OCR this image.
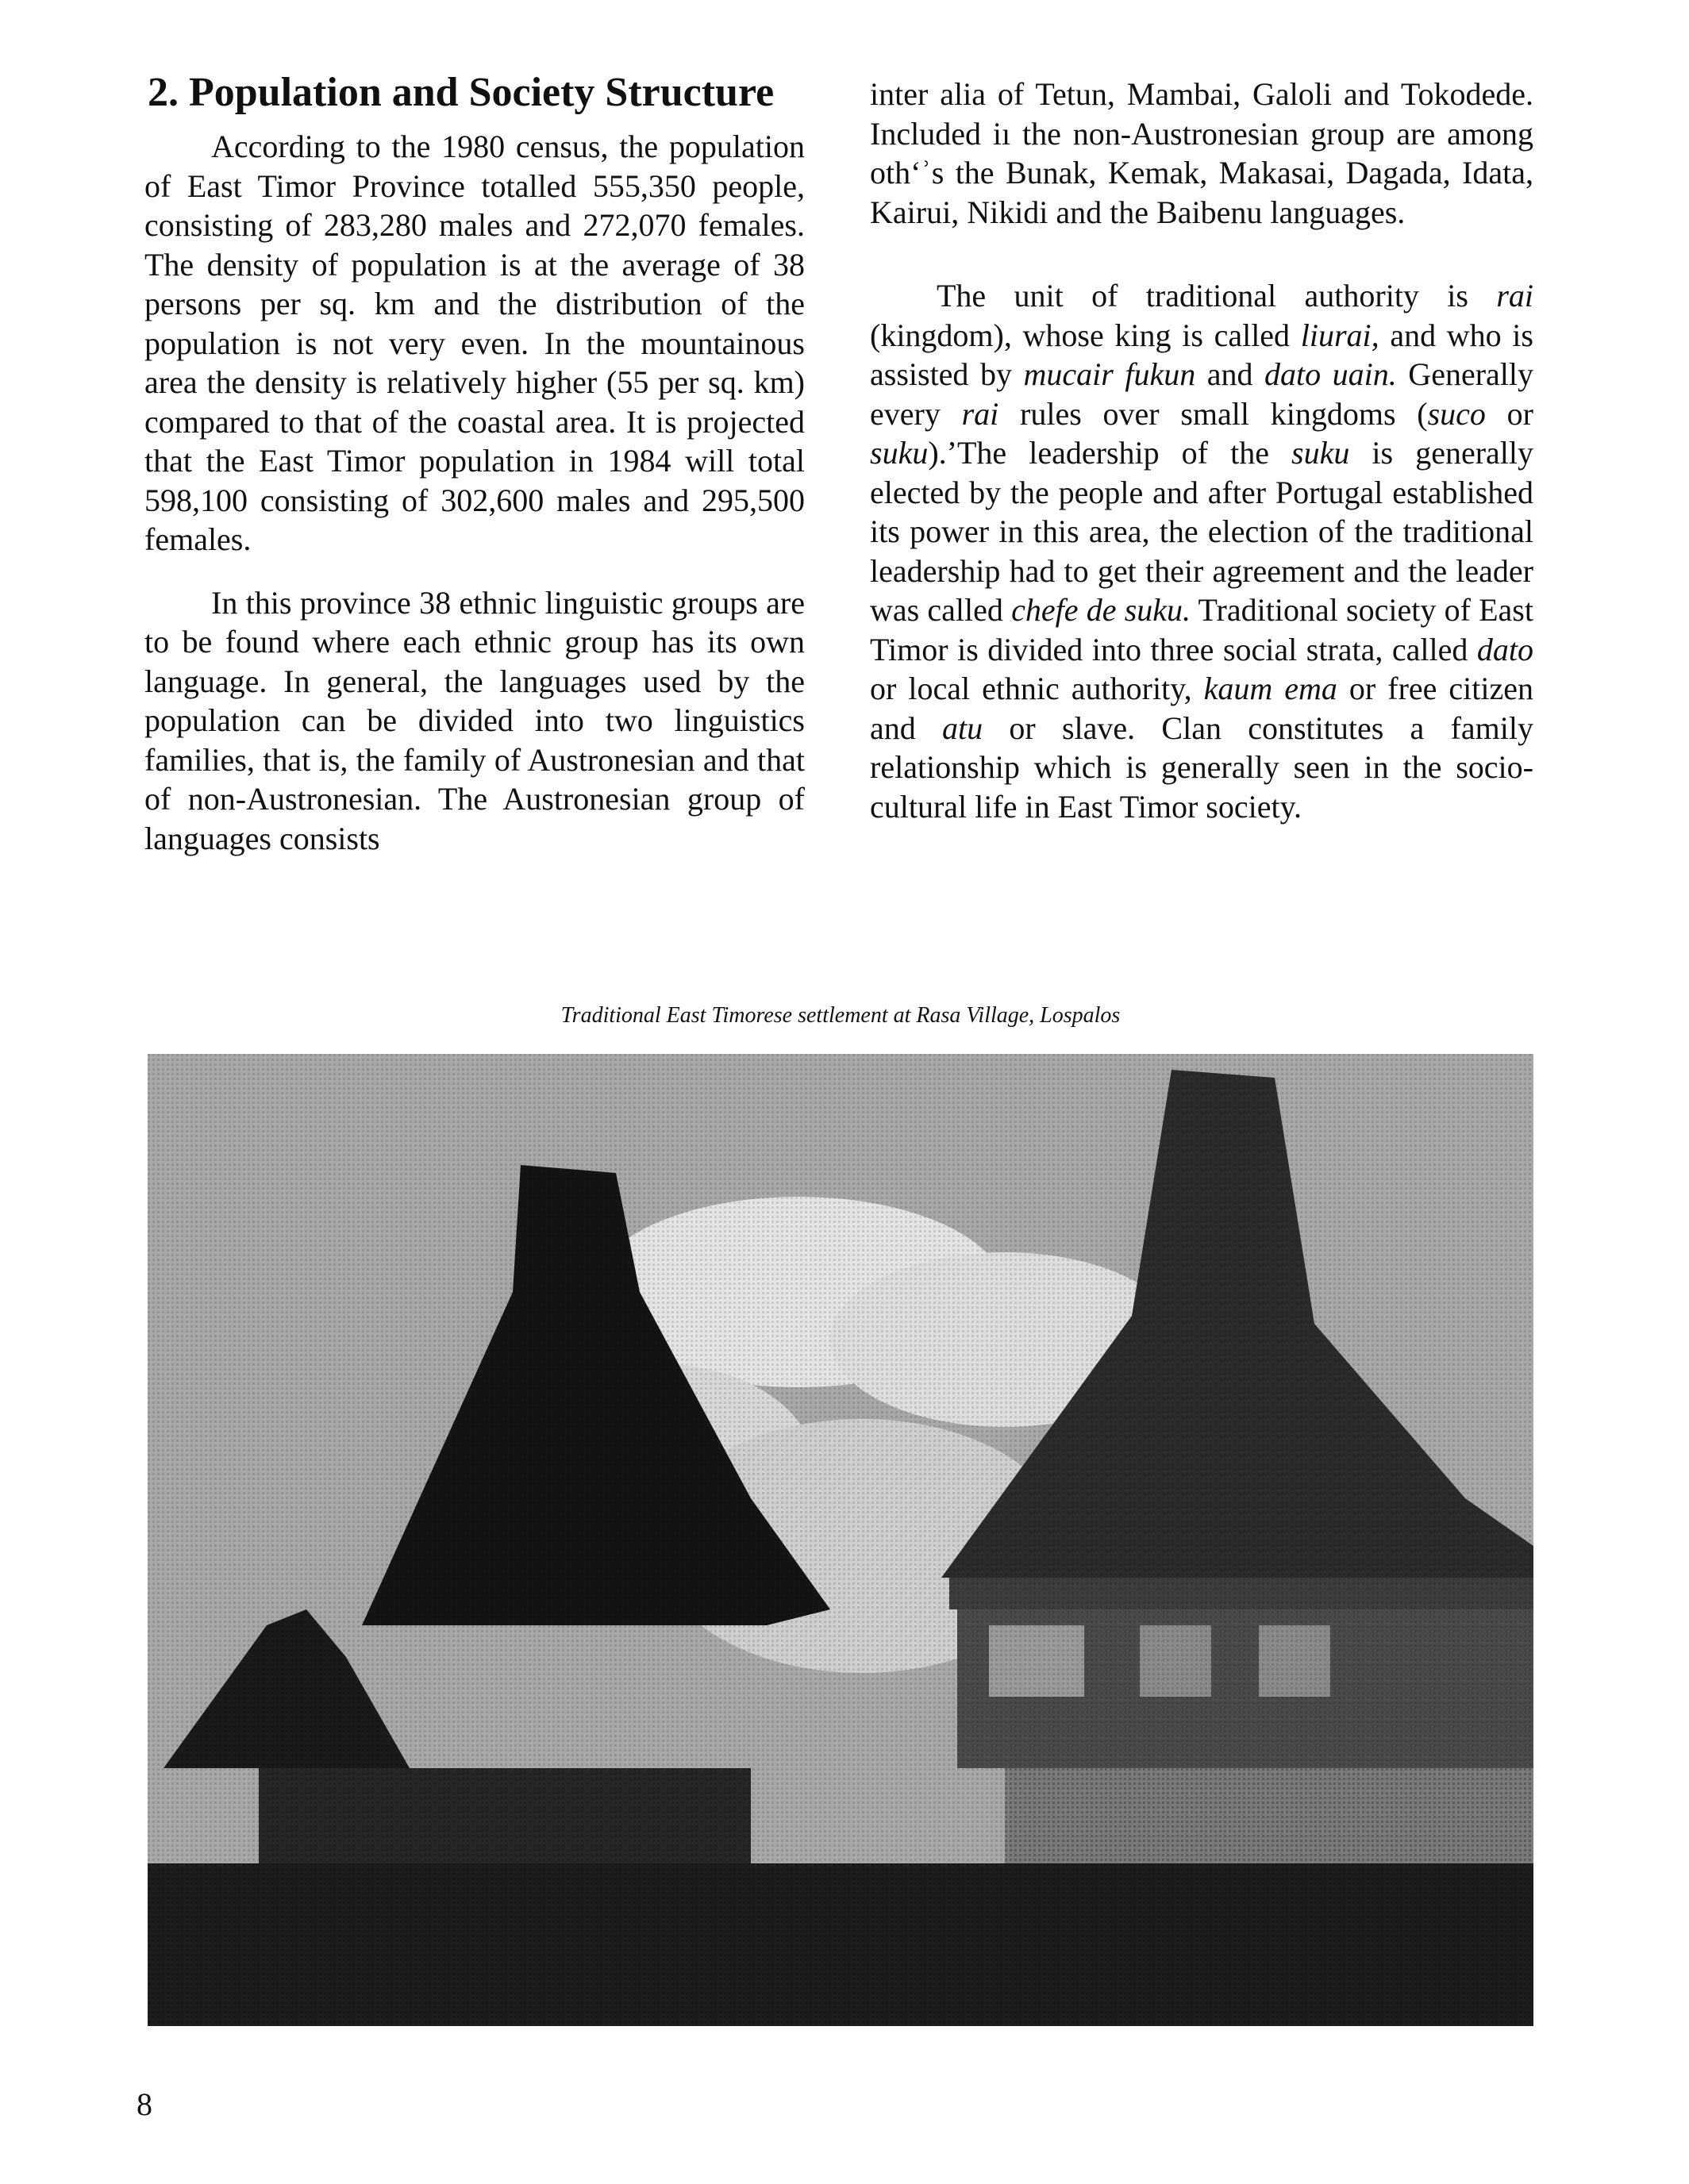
2. Population and Society Structure

According to the 1980 census, the population of East Timor Province totalled 555,350 people, consisting of 283,280 males and 272,070 females. The density of population is at the average of 38 persons per sq. km and the distribution of the population is not very even. In the mountainous area the density is relatively higher (55 per sq. km) compared to that of the coastal area. It is projected that the East Timor population in 1984 will total 598,100 consisting of 302,600 males and 295,500 females.

In this province 38 ethnic linguistic groups are to be found where each ethnic group has its own language. In general, the languages used by the population can be divided into two linguistics families, that is, the family of Austronesian and that of non-Austronesian. The Austronesian group of languages consists

inter alia of Tetun, Mambai, Galoli and Tokodede. Included iı the non-Austronesian group are among othʻʾs the Bunak, Kemak, Makasai, Dagada, Idata, Kairui, Nikidi and the Baibenu languages.

The unit of traditional authority is rai (kingdom), whose king is called liurai, and who is assisted by mucair fukun and dato uain. Generally every rai rules over small kingdoms (suco or suku).ʼThe leadership of the suku is generally elected by the people and after Portugal established its power in this area, the election of the traditional leadership had to get their agreement and the leader was called chefe de suku. Traditional society of East Timor is divided into three social strata, called dato or local ethnic authority, kaum ema or free citizen and atu or slave. Clan constitutes a family relationship which is generally seen in the socio-cultural life in East Timor society.

Traditional East Timorese settlement at Rasa Village, Lospalos
8
